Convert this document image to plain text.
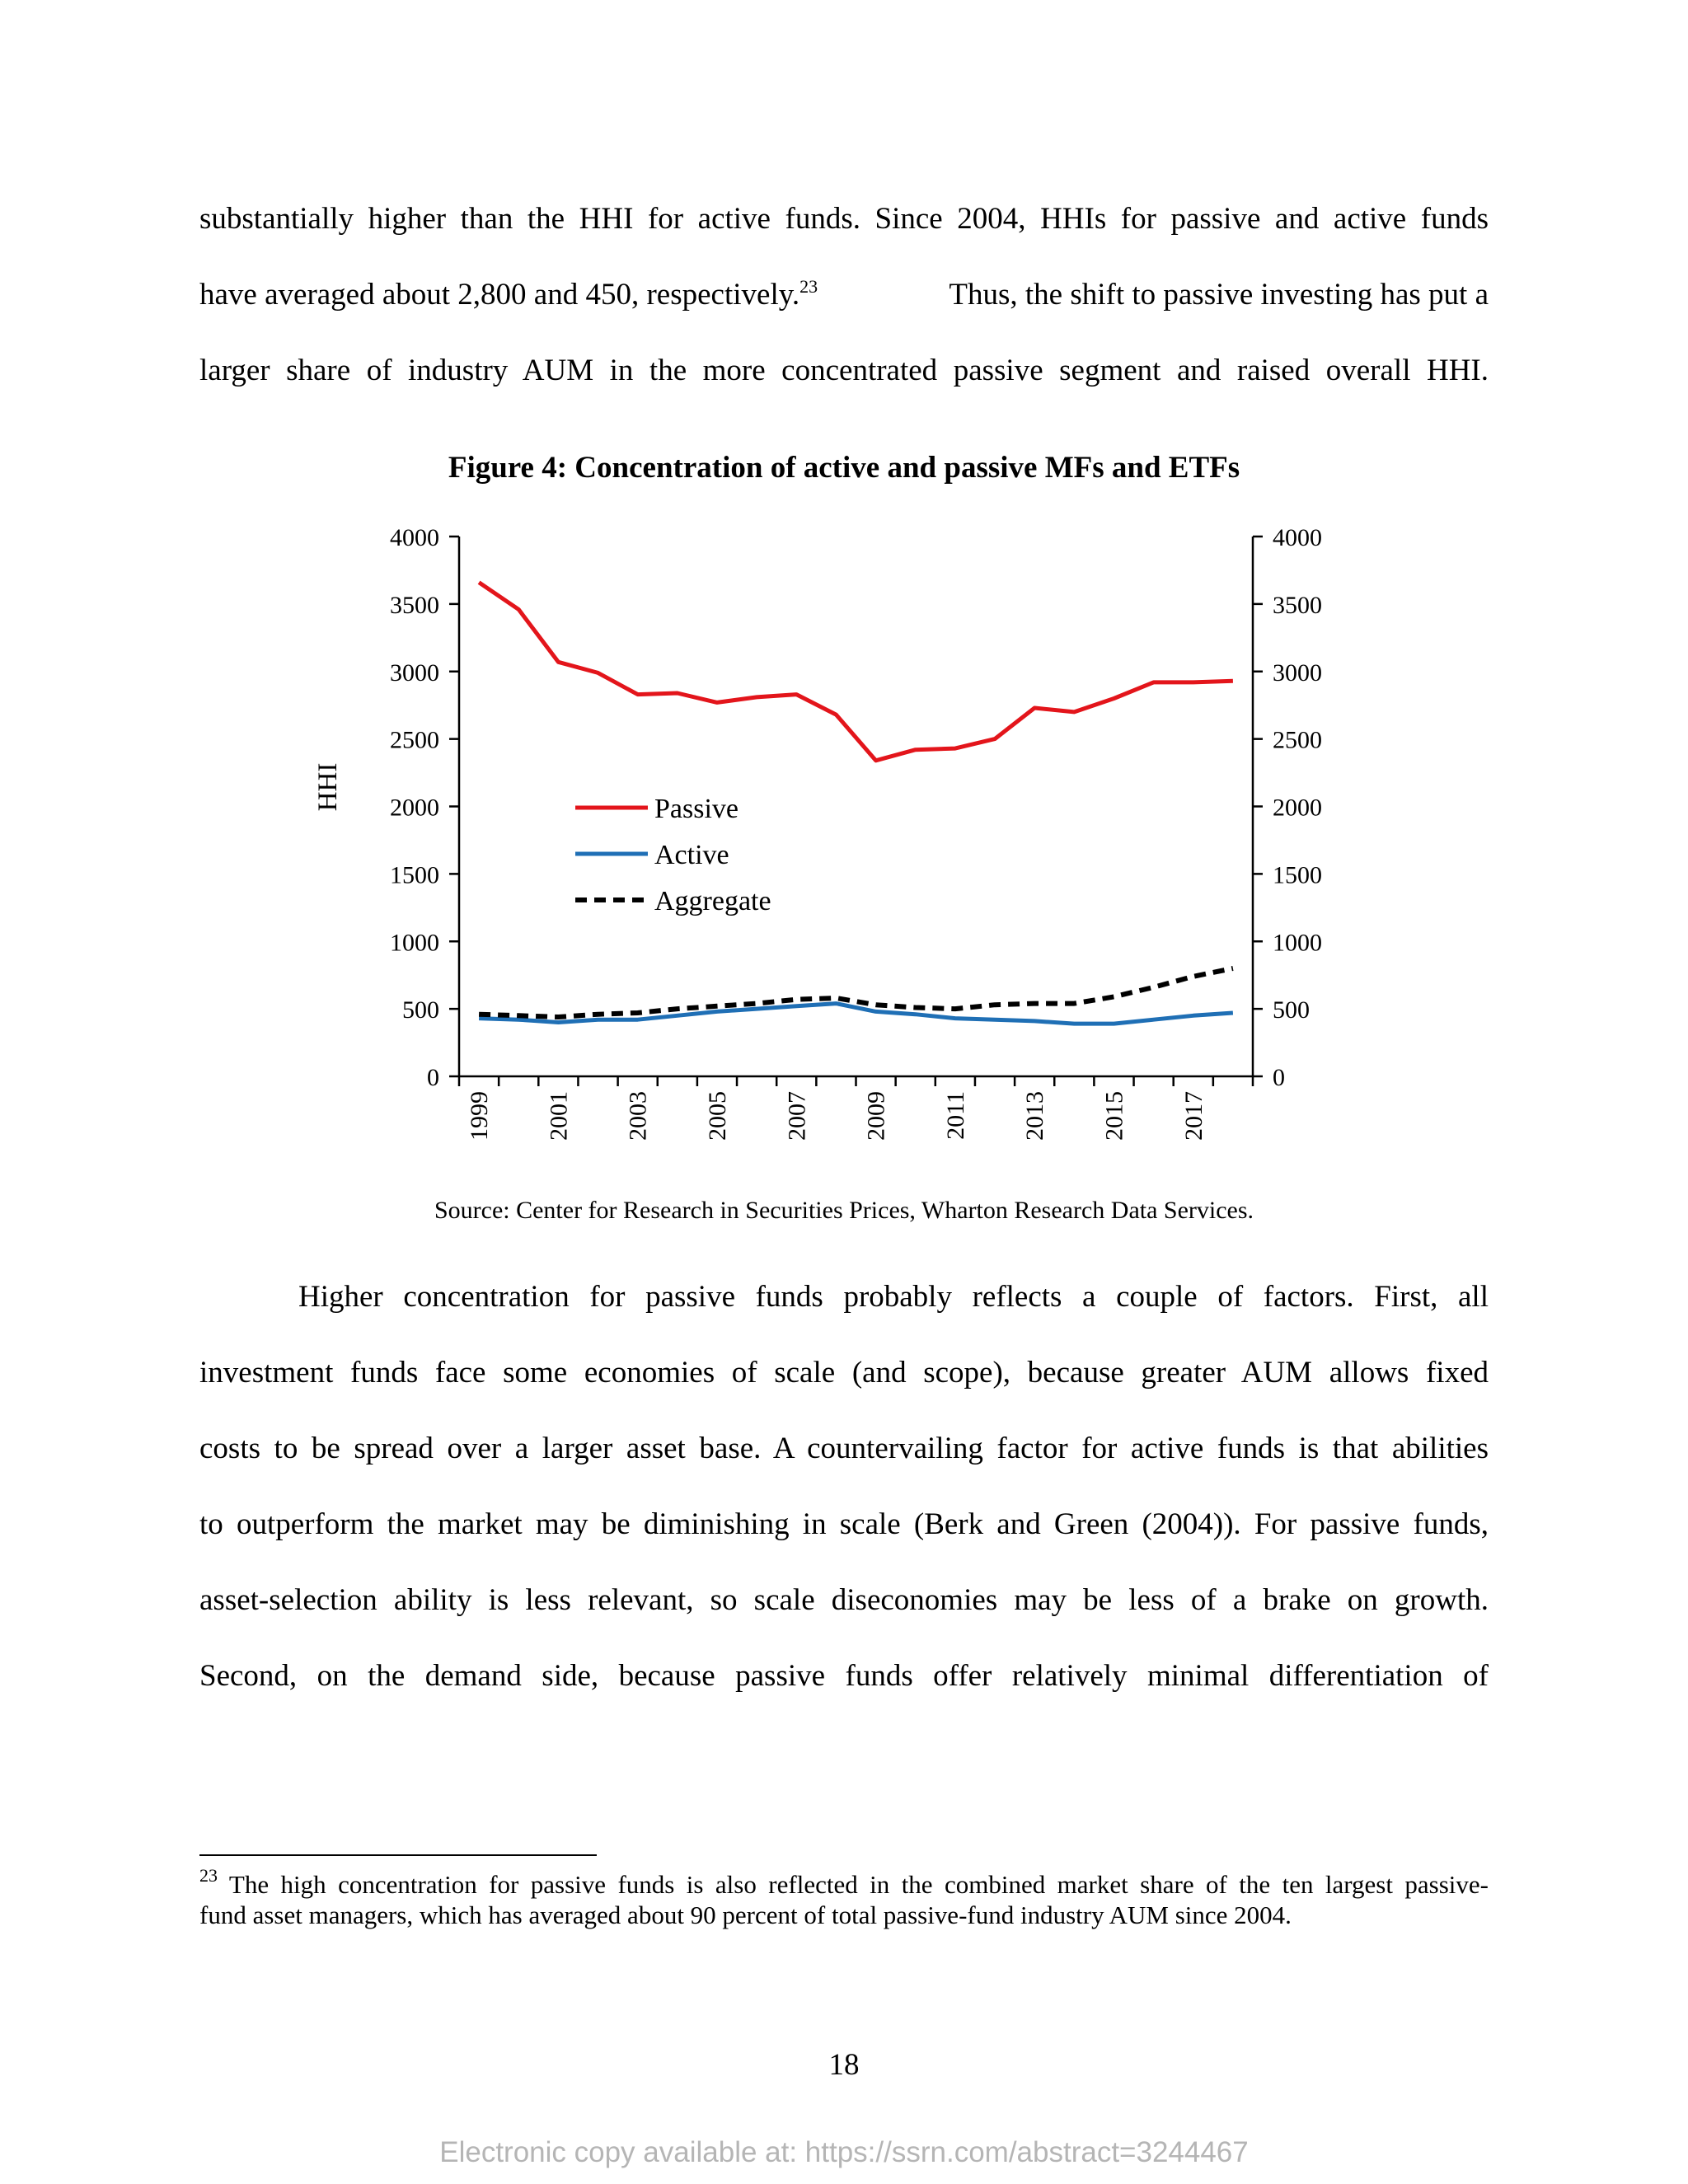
substantially higher than the HHI for active funds. Since 2004, HHIs for passive and active funds
have averaged about 2,800 and 450, respectively.$^{23}$	Thus, the shift to passive investing has put a
larger share of industry AUM in the more concentrated passive segment and raised overall HHI.
Figure 4: Concentration of active and passive MFs and ETFs
0	0
500	500
1000	1000
1500	1500
2000	2000
2500	2500
3000	3000
3500	3500
4000	4000
1999 2001 2003 2005 2007 2009 2011 2013 2015 2017
Passive
Active
Aggregate
HHI
Source: Center for Research in Securities Prices, Wharton Research Data Services.
Higher concentration for passive funds probably reflects a couple of factors. First, all
investment funds face some economies of scale (and scope), because greater AUM allows fixed
costs to be spread over a larger asset base. A countervailing factor for active funds is that abilities
to outperform the market may be diminishing in scale (Berk and Green (2004)). For passive funds,
asset-selection ability is less relevant, so scale diseconomies may be less of a brake on growth.
Second, on the demand side, because passive funds offer relatively minimal differentiation of
$^{23}$ The high concentration for passive funds is also reflected in the combined market share of the ten largest passive-
fund asset managers, which has averaged about 90 percent of total passive-fund industry AUM since 2004.
18
Electronic copy available at: https://ssrn.com/abstract=3244467
